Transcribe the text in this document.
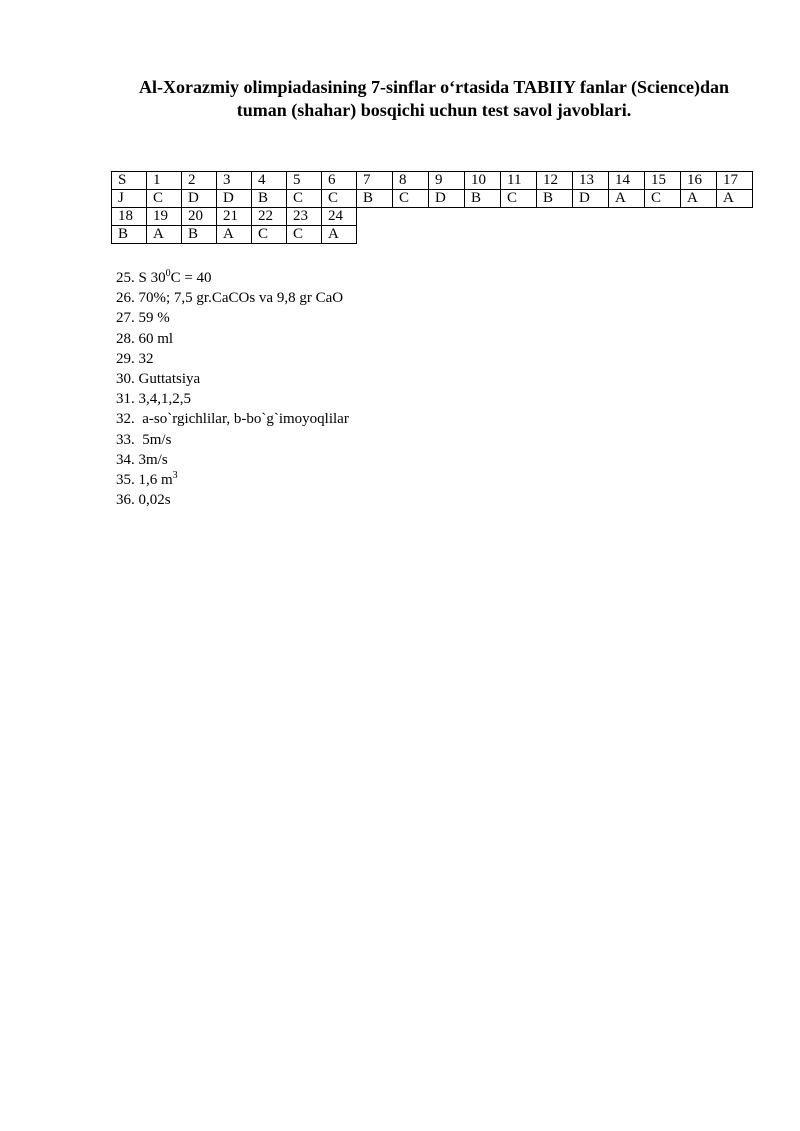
Al-Xorazmiy olimpiadasining 7-sinflar o‘rtasida TABIIY fanlar (Science)dan
tuman (shahar) bosqichi uchun test savol javoblari.
S	1	2	3	4	5	6	7	8	9	10	11	12	13	14	15	16	17
J	C	D	D	B	C	C	B	C	D	B	C	B	D	A	C	A	A
18	19	20	21	22	23	24											
B	A	B	A	C	C	A											
25. S $30^0C = 40$
26. 70%; 7,5 gr.CaCOs va 9,8 gr CaO
27. 59 %
28. 60 ml
29. 32
30. Guttatsiya
31. 3,4,1,2,5
32.  a-so`rgichlilar, b-bo`g`imoyoqlilar
33.  5m/s
34. 3m/s
35. 1,6 $m^3$
36. 0,02s
